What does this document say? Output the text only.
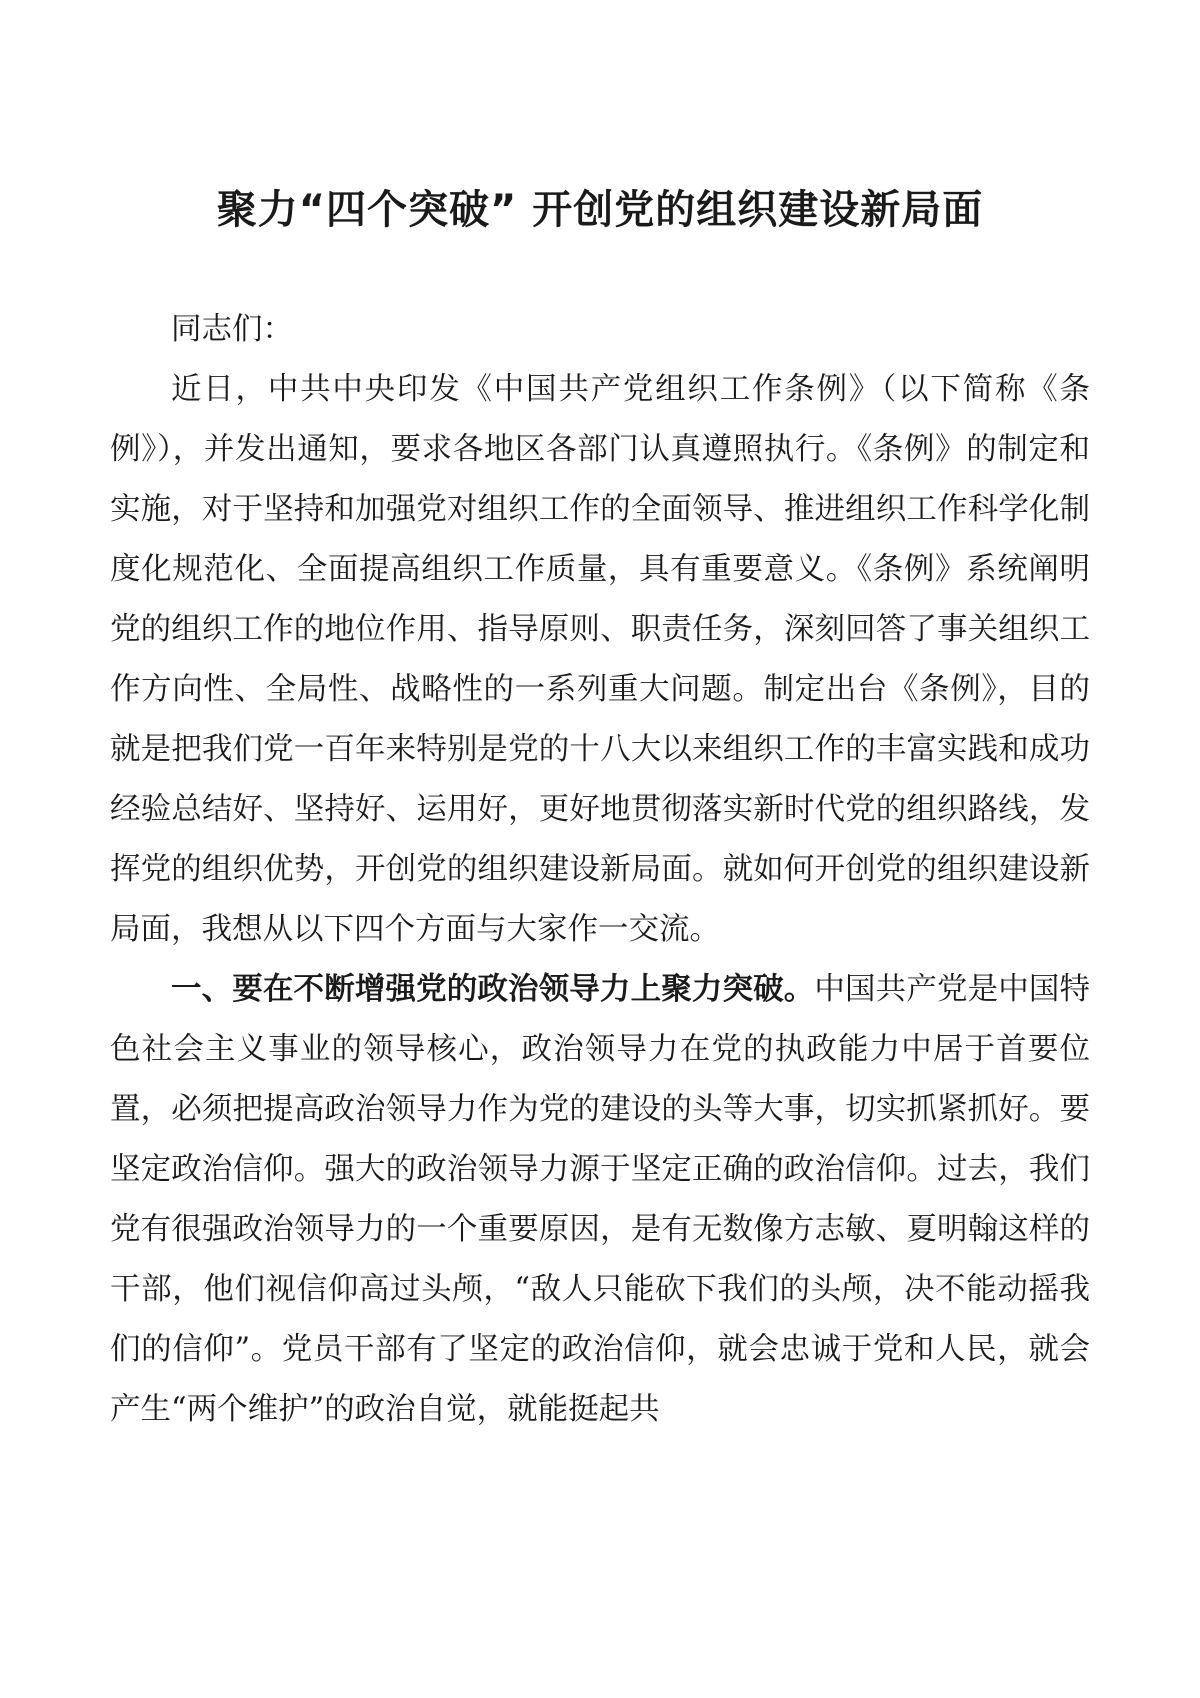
聚力“四个突破” 开创党的组织建设新局面

同志们：

近日，中共中央印发《中国共产党组织工作条例》（以下简称《条例》），并发出通知，要求各地区各部门认真遵照执行。《条例》的制定和实施，对于坚持和加强党对组织工作的全面领导、推进组织工作科学化制度化规范化、全面提高组织工作质量，具有重要意义。《条例》系统阐明党的组织工作的地位作用、指导原则、职责任务，深刻回答了事关组织工作方向性、全局性、战略性的一系列重大问题。制定出台《条例》，目的就是把我们党一百年来特别是党的十八大以来组织工作的丰富实践和成功经验总结好、坚持好、运用好，更好地贯彻落实新时代党的组织路线，发挥党的组织优势，开创党的组织建设新局面。就如何开创党的组织建设新局面，我想从以下四个方面与大家作一交流。

一、要在不断增强党的政治领导力上聚力突破。中国共产党是中国特色社会主义事业的领导核心，政治领导力在党的执政能力中居于首要位置，必须把提高政治领导力作为党的建设的头等大事，切实抓紧抓好。要坚定政治信仰。强大的政治领导力源于坚定正确的政治信仰。过去，我们党有很强政治领导力的一个重要原因，是有无数像方志敏、夏明翰这样的干部，他们视信仰高过头颅，“敌人只能砍下我们的头颅，决不能动摇我们的信仰”。党员干部有了坚定的政治信仰，就会忠诚于党和人民，就会产生“两个维护”的政治自觉，就能挺起共
